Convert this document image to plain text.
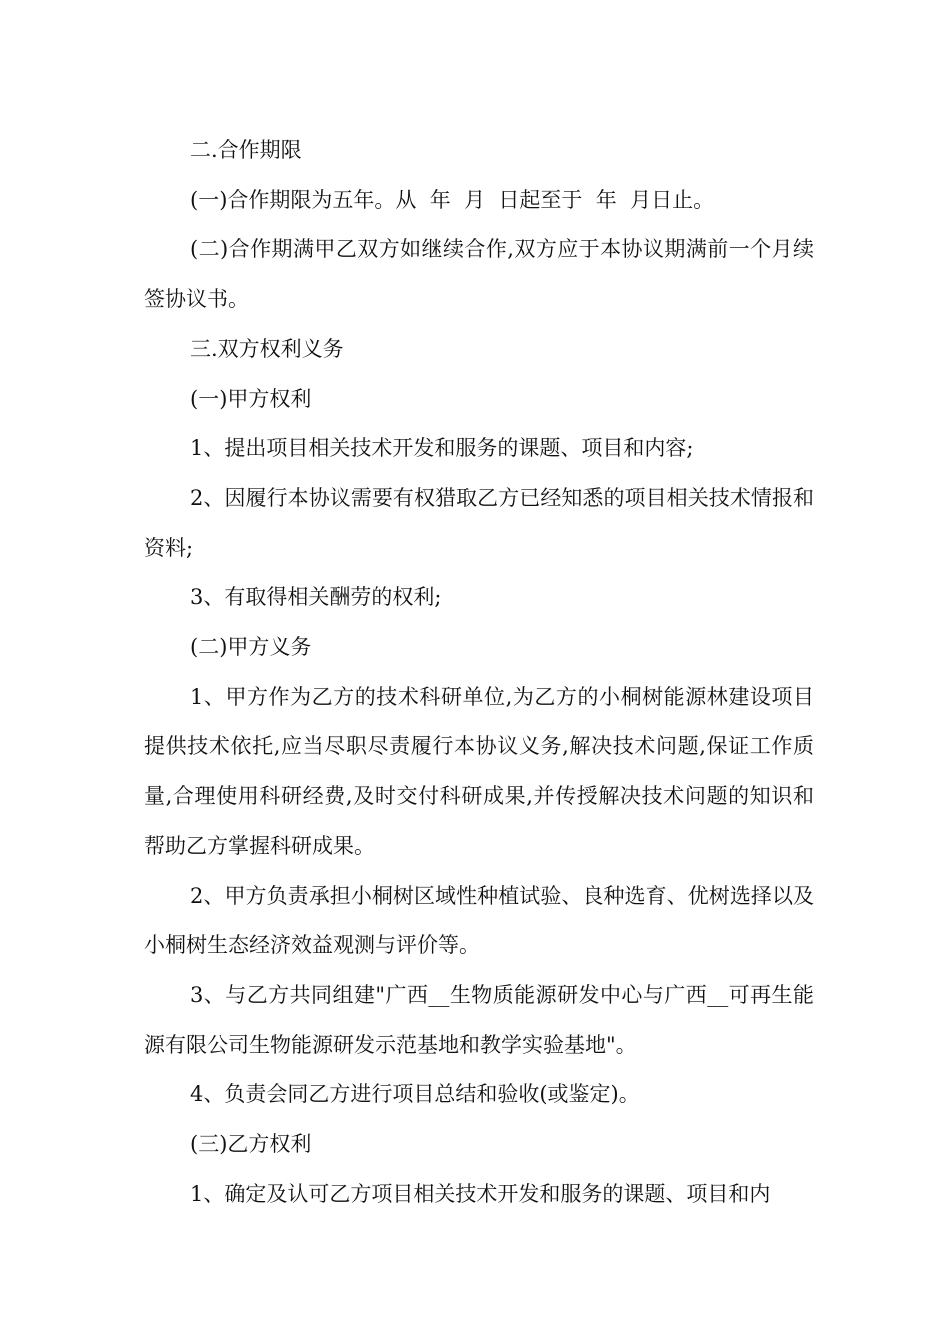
二.合作期限

(一)合作期限为五年。从  年  月  日起至于  年  月日止。

(二)合作期满甲乙双方如继续合作,双方应于本协议期满前一个月续签协议书。

三.双方权利义务

(一)甲方权利

1、提出项目相关技术开发和服务的课题、项目和内容;

2、因履行本协议需要有权猎取乙方已经知悉的项目相关技术情报和资料;

3、有取得相关酬劳的权利;

(二)甲方义务

1、甲方作为乙方的技术科研单位,为乙方的小桐树能源林建设项目提供技术依托,应当尽职尽责履行本协议义务,解决技术问题,保证工作质量,合理使用科研经费,及时交付科研成果,并传授解决技术问题的知识和帮助乙方掌握科研成果。

2、甲方负责承担小桐树区域性种植试验、良种选育、优树选择以及小桐树生态经济效益观测与评价等。

3、与乙方共同组建"广西__生物质能源研发中心与广西__可再生能源有限公司生物能源研发示范基地和教学实验基地"。

4、负责会同乙方进行项目总结和验收(或鉴定)。

(三)乙方权利

1、确定及认可乙方项目相关技术开发和服务的课题、项目和内
